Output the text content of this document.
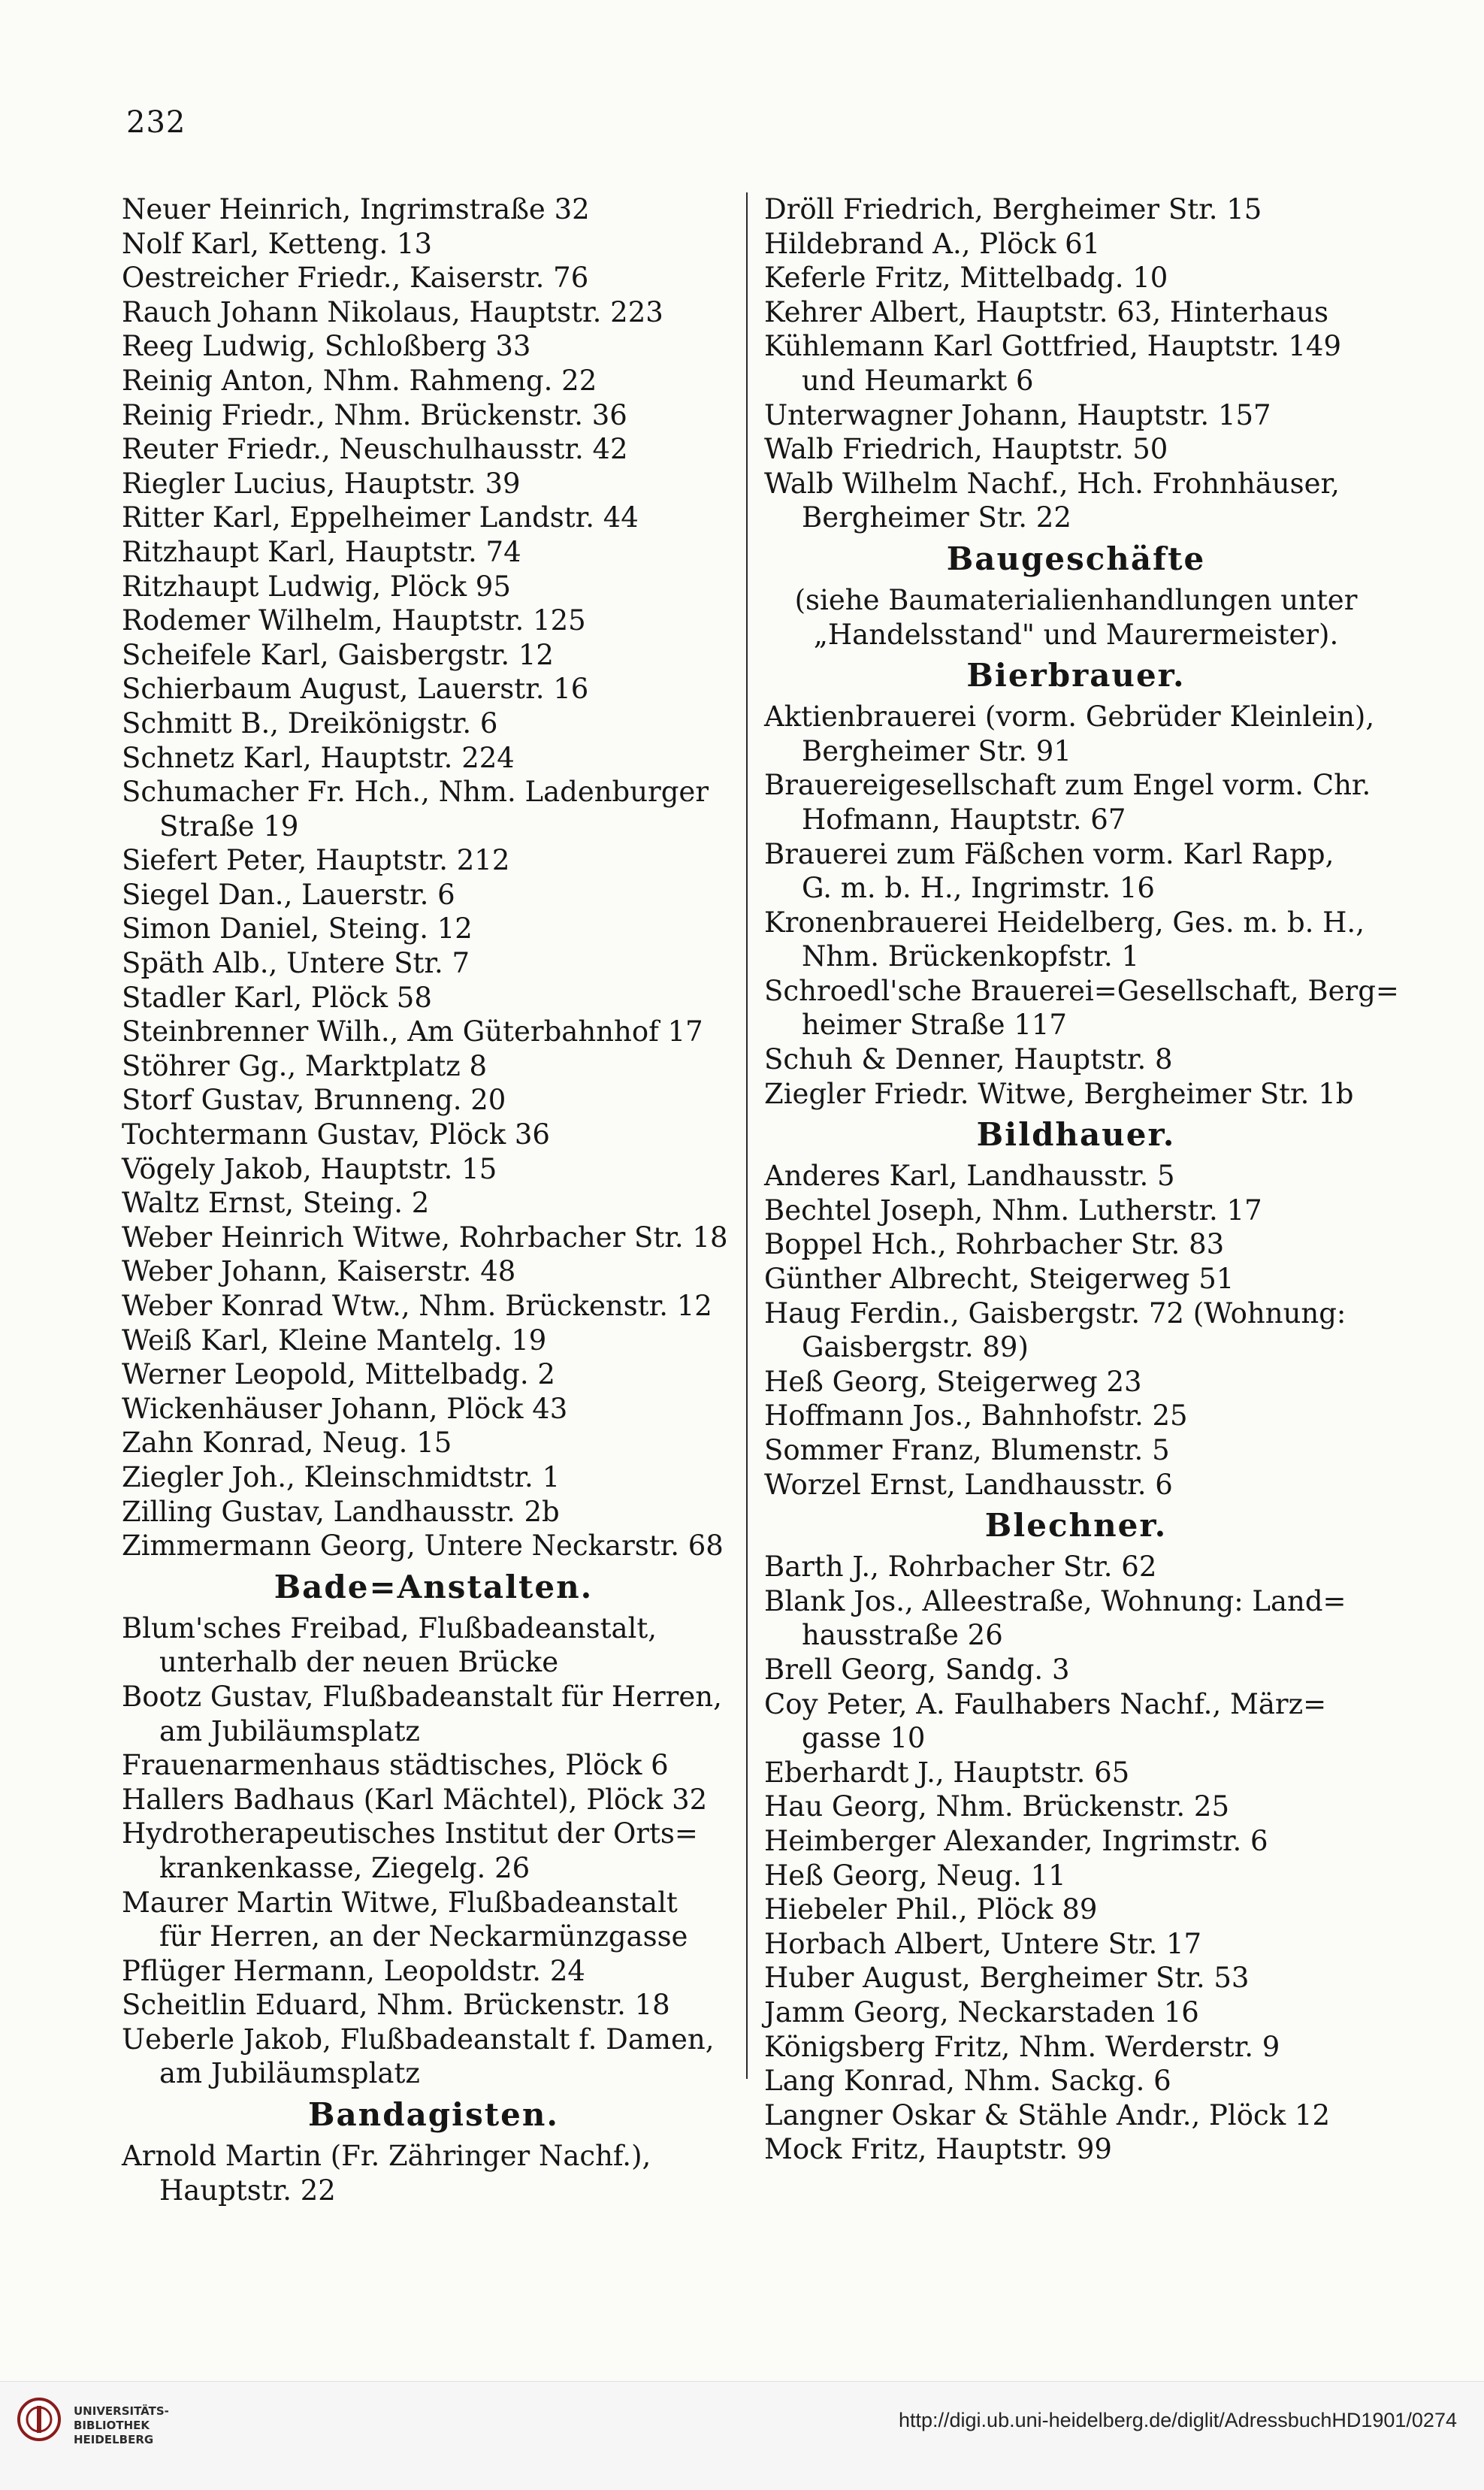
232
Neuer Heinrich, Ingrimstraße 32
Nolf Karl, Ketteng. 13
Oestreicher Friedr., Kaiserstr. 76
Rauch Johann Nikolaus, Hauptstr. 223
Reeg Ludwig, Schloßberg 33
Reinig Anton, Nhm. Rahmeng. 22
Reinig Friedr., Nhm. Brückenstr. 36
Reuter Friedr., Neuschulhausstr. 42
Riegler Lucius, Hauptstr. 39
Ritter Karl, Eppelheimer Landstr. 44
Ritzhaupt Karl, Hauptstr. 74
Ritzhaupt Ludwig, Plöck 95
Rodemer Wilhelm, Hauptstr. 125
Scheifele Karl, Gaisbergstr. 12
Schierbaum August, Lauerstr. 16
Schmitt B., Dreikönigstr. 6
Schnetz Karl, Hauptstr. 224
Schumacher Fr. Hch., Nhm. Ladenburger
Straße 19
Siefert Peter, Hauptstr. 212
Siegel Dan., Lauerstr. 6
Simon Daniel, Steing. 12
Späth Alb., Untere Str. 7
Stadler Karl, Plöck 58
Steinbrenner Wilh., Am Güterbahnhof 17
Stöhrer Gg., Marktplatz 8
Storf Gustav, Brunneng. 20
Tochtermann Gustav, Plöck 36
Vögely Jakob, Hauptstr. 15
Waltz Ernst, Steing. 2
Weber Heinrich Witwe, Rohrbacher Str. 18
Weber Johann, Kaiserstr. 48
Weber Konrad Wtw., Nhm. Brückenstr. 12
Weiß Karl, Kleine Mantelg. 19
Werner Leopold, Mittelbadg. 2
Wickenhäuser Johann, Plöck 43
Zahn Konrad, Neug. 15
Ziegler Joh., Kleinschmidtstr. 1
Zilling Gustav, Landhausstr. 2b
Zimmermann Georg, Untere Neckarstr. 68
Bade=Anstalten.
Blum'sches Freibad, Flußbadeanstalt,
unterhalb der neuen Brücke
Bootz Gustav, Flußbadeanstalt für Herren,
am Jubiläumsplatz
Frauenarmenhaus städtisches, Plöck 6
Hallers Badhaus (Karl Mächtel), Plöck 32
Hydrotherapeutisches Institut der Orts=
krankenkasse, Ziegelg. 26
Maurer Martin Witwe, Flußbadeanstalt
für Herren, an der Neckarmünzgasse
Pflüger Hermann, Leopoldstr. 24
Scheitlin Eduard, Nhm. Brückenstr. 18
Ueberle Jakob, Flußbadeanstalt f. Damen,
am Jubiläumsplatz
Bandagisten.
Arnold Martin (Fr. Zähringer Nachf.),
Hauptstr. 22
Dröll Friedrich, Bergheimer Str. 15
Hildebrand A., Plöck 61
Keferle Fritz, Mittelbadg. 10
Kehrer Albert, Hauptstr. 63, Hinterhaus
Kühlemann Karl Gottfried, Hauptstr. 149
und Heumarkt 6
Unterwagner Johann, Hauptstr. 157
Walb Friedrich, Hauptstr. 50
Walb Wilhelm Nachf., Hch. Frohnhäuser,
Bergheimer Str. 22
Baugeschäfte
(siehe Baumaterialienhandlungen unter
„Handelsstand" und Maurermeister).
Bierbrauer.
Aktienbrauerei (vorm. Gebrüder Kleinlein),
Bergheimer Str. 91
Brauereigesellschaft zum Engel vorm. Chr.
Hofmann, Hauptstr. 67
Brauerei zum Fäßchen vorm. Karl Rapp,
G. m. b. H., Ingrimstr. 16
Kronenbrauerei Heidelberg, Ges. m. b. H.,
Nhm. Brückenkopfstr. 1
Schroedl'sche Brauerei=Gesellschaft, Berg=
heimer Straße 117
Schuh & Denner, Hauptstr. 8
Ziegler Friedr. Witwe, Bergheimer Str. 1b
Bildhauer.
Anderes Karl, Landhausstr. 5
Bechtel Joseph, Nhm. Lutherstr. 17
Boppel Hch., Rohrbacher Str. 83
Günther Albrecht, Steigerweg 51
Haug Ferdin., Gaisbergstr. 72 (Wohnung:
Gaisbergstr. 89)
Heß Georg, Steigerweg 23
Hoffmann Jos., Bahnhofstr. 25
Sommer Franz, Blumenstr. 5
Worzel Ernst, Landhausstr. 6
Blechner.
Barth J., Rohrbacher Str. 62
Blank Jos., Alleestraße, Wohnung: Land=
hausstraße 26
Brell Georg, Sandg. 3
Coy Peter, A. Faulhabers Nachf., März=
gasse 10
Eberhardt J., Hauptstr. 65
Hau Georg, Nhm. Brückenstr. 25
Heimberger Alexander, Ingrimstr. 6
Heß Georg, Neug. 11
Hiebeler Phil., Plöck 89
Horbach Albert, Untere Str. 17
Huber August, Bergheimer Str. 53
Jamm Georg, Neckarstaden 16
Königsberg Fritz, Nhm. Werderstr. 9
Lang Konrad, Nhm. Sackg. 6
Langner Oskar & Stähle Andr., Plöck 12
Mock Fritz, Hauptstr. 99
UNIVERSITÄTS-
BIBLIOTHEK
HEIDELBERG
http://digi.ub.uni-heidelberg.de/diglit/AdressbuchHD1901/0274
